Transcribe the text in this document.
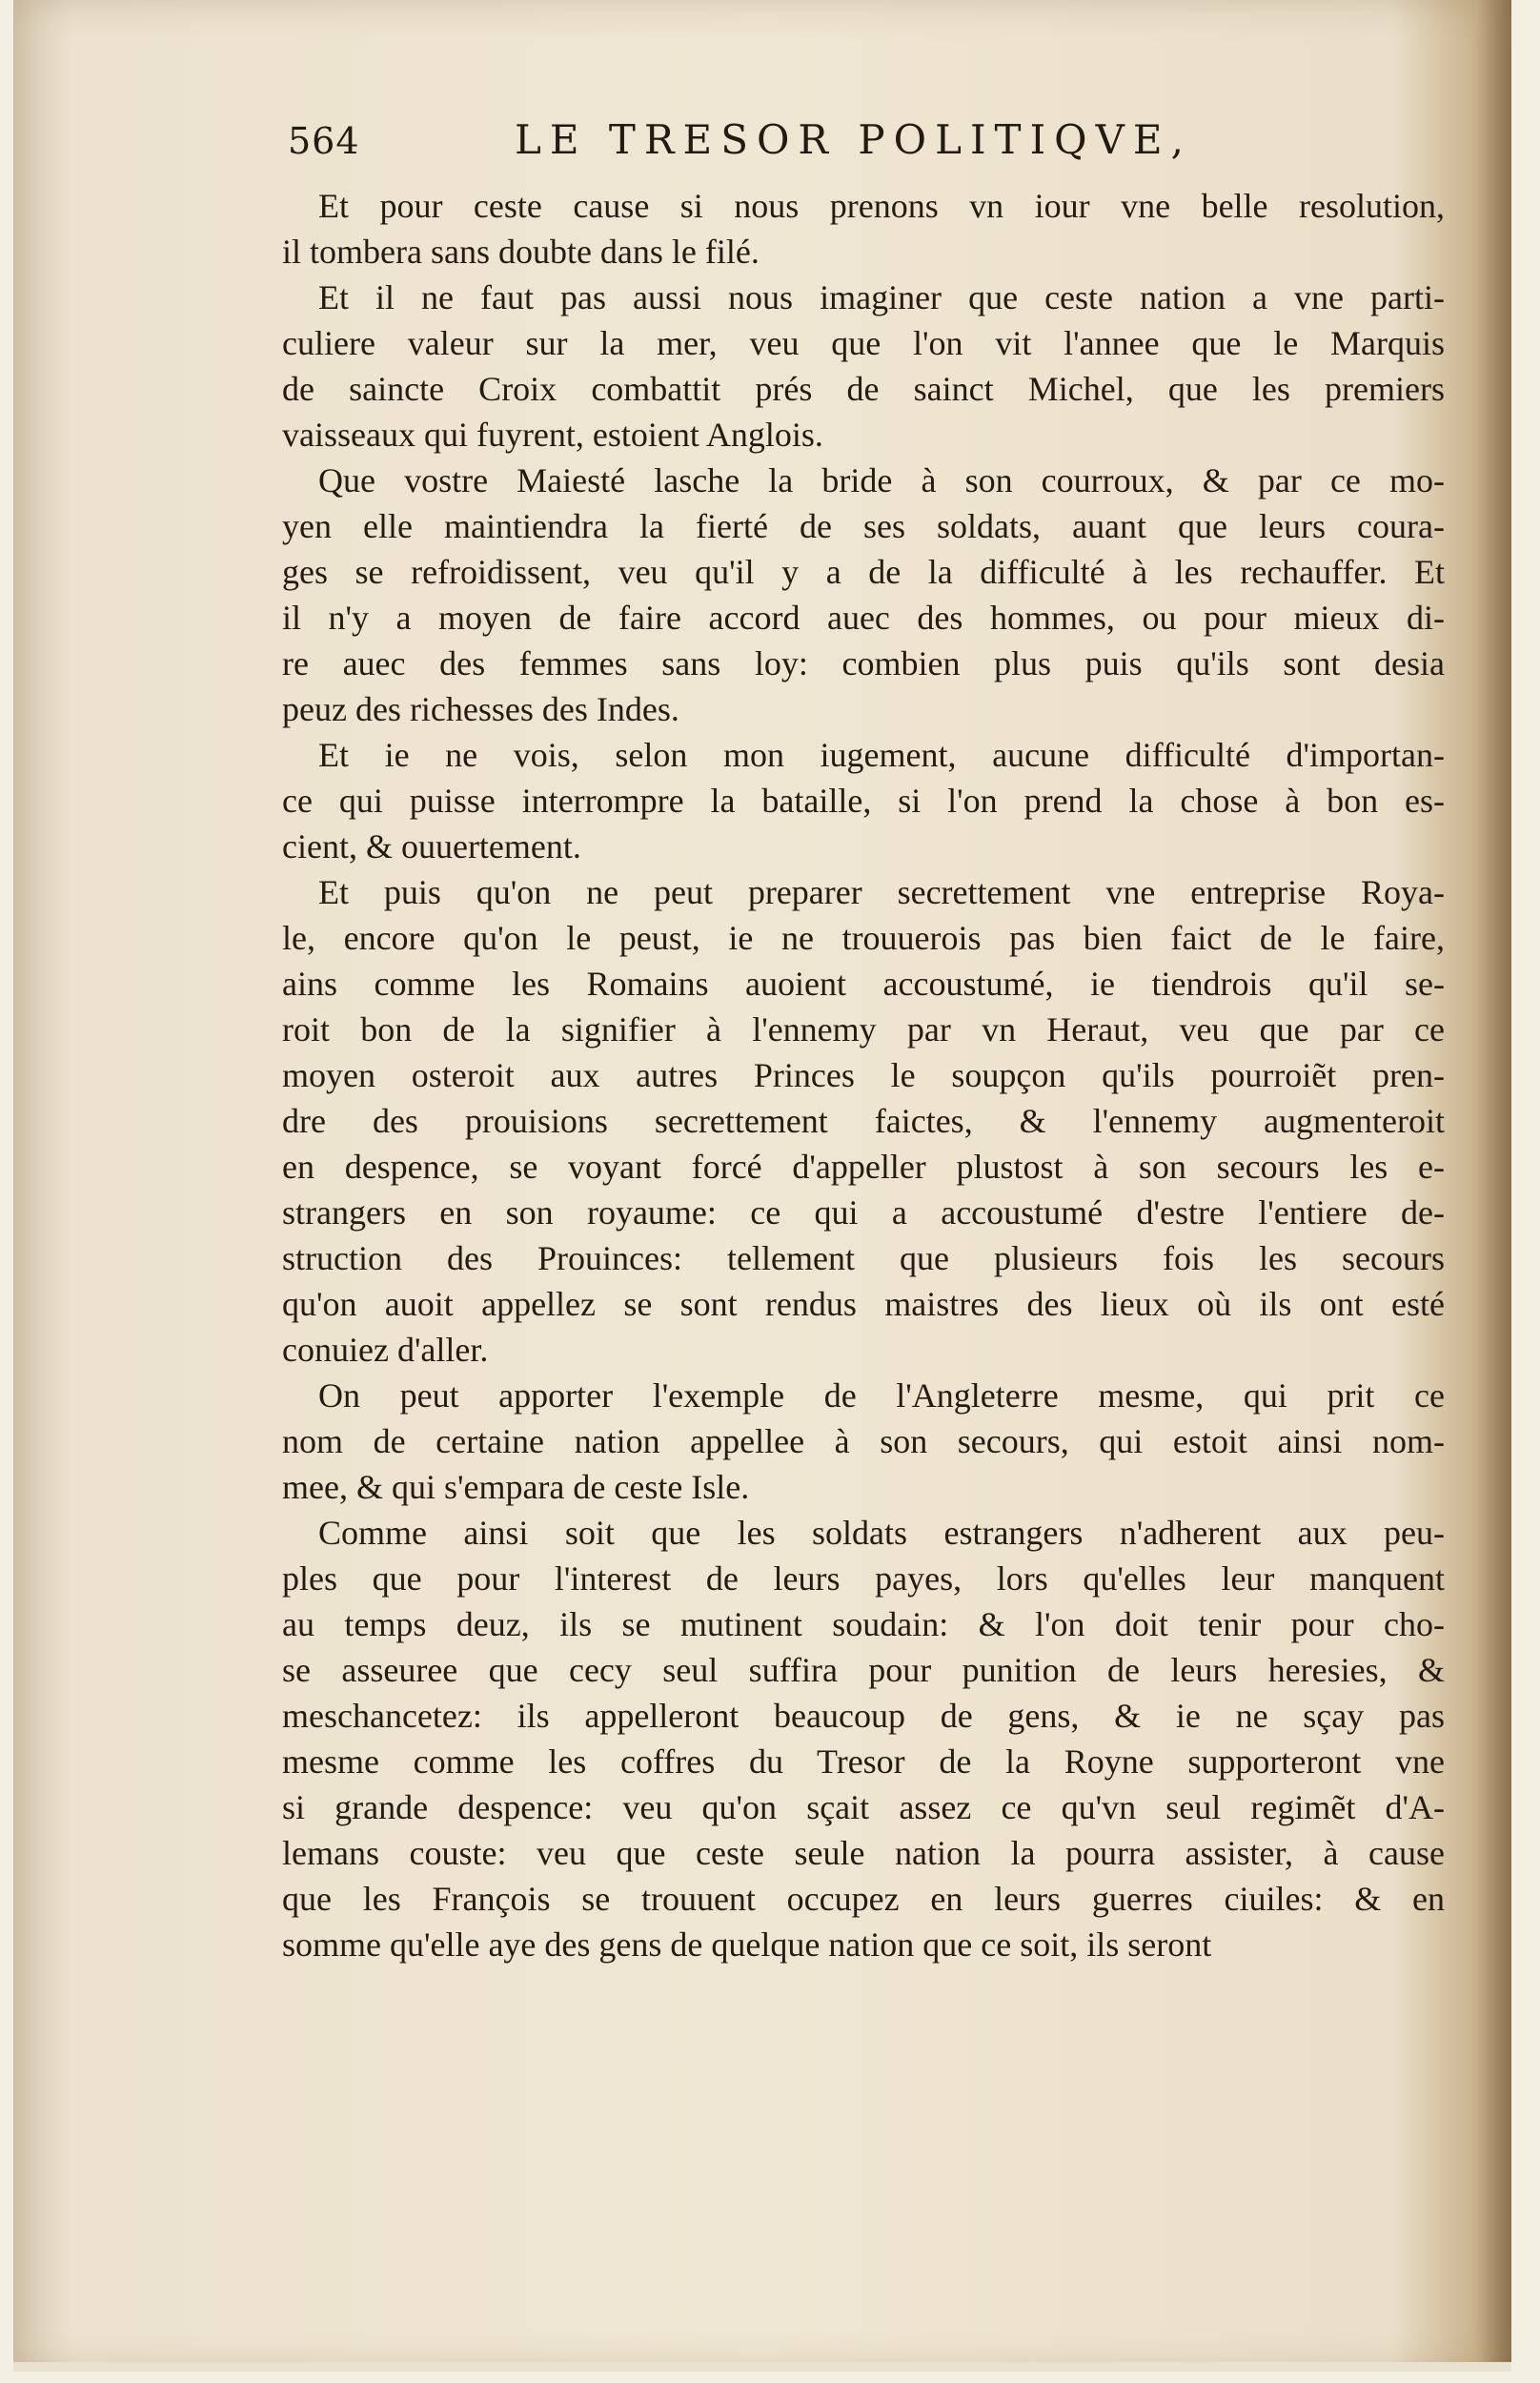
564	LE TRESOR POLITIQVE,
Et pour ceste cause si nous prenons vn iour vne belle resolution,
il tombera sans doubte dans le filé.
Et il ne faut pas aussi nous imaginer que ceste nation a vne parti-
culiere valeur sur la mer, veu que l'on vit l'annee que le Marquis
de saincte Croix combattit prés de sainct Michel, que les premiers
vaisseaux qui fuyrent, estoient Anglois.
Que vostre Maiesté lasche la bride à son courroux, & par ce mo-
yen elle maintiendra la fierté de ses soldats, auant que leurs coura-
ges se refroidissent, veu qu'il y a de la difficulté à les rechauffer. Et
il n'y a moyen de faire accord auec des hommes, ou pour mieux di-
re auec des femmes sans loy: combien plus puis qu'ils sont desia
peuz des richesses des Indes.
Et ie ne vois, selon mon iugement, aucune difficulté d'importan-
ce qui puisse interrompre la bataille, si l'on prend la chose à bon es-
cient, & ouuertement.
Et puis qu'on ne peut preparer secrettement vne entreprise Roya-
le, encore qu'on le peust, ie ne trouuerois pas bien faict de le faire,
ains comme les Romains auoient accoustumé, ie tiendrois qu'il se-
roit bon de la signifier à l'ennemy par vn Heraut, veu que par ce
moyen osteroit aux autres Princes le soupçon qu'ils pourroiẽt pren-
dre des prouisions secrettement faictes, & l'ennemy augmenteroit
en despence, se voyant forcé d'appeller plustost à son secours les e-
strangers en son royaume: ce qui a accoustumé d'estre l'entiere de-
struction des Prouinces: tellement que plusieurs fois les secours
qu'on auoit appellez se sont rendus maistres des lieux où ils ont esté
conuiez d'aller.
On peut apporter l'exemple de l'Angleterre mesme, qui prit ce
nom de certaine nation appellee à son secours, qui estoit ainsi nom-
mee, & qui s'empara de ceste Isle.
Comme ainsi soit que les soldats estrangers n'adherent aux peu-
ples que pour l'interest de leurs payes, lors qu'elles leur manquent
au temps deuz, ils se mutinent soudain: & l'on doit tenir pour cho-
se asseuree que cecy seul suffira pour punition de leurs heresies, &
meschancetez: ils appelleront beaucoup de gens, & ie ne sçay pas
mesme comme les coffres du Tresor de la Royne supporteront vne
si grande despence: veu qu'on sçait assez ce qu'vn seul regimẽt d'A-
lemans couste: veu que ceste seule nation la pourra assister, à cause
que les François se trouuent occupez en leurs guerres ciuiles: & en
somme qu'elle aye des gens de quelque nation que ce soit, ils seront
